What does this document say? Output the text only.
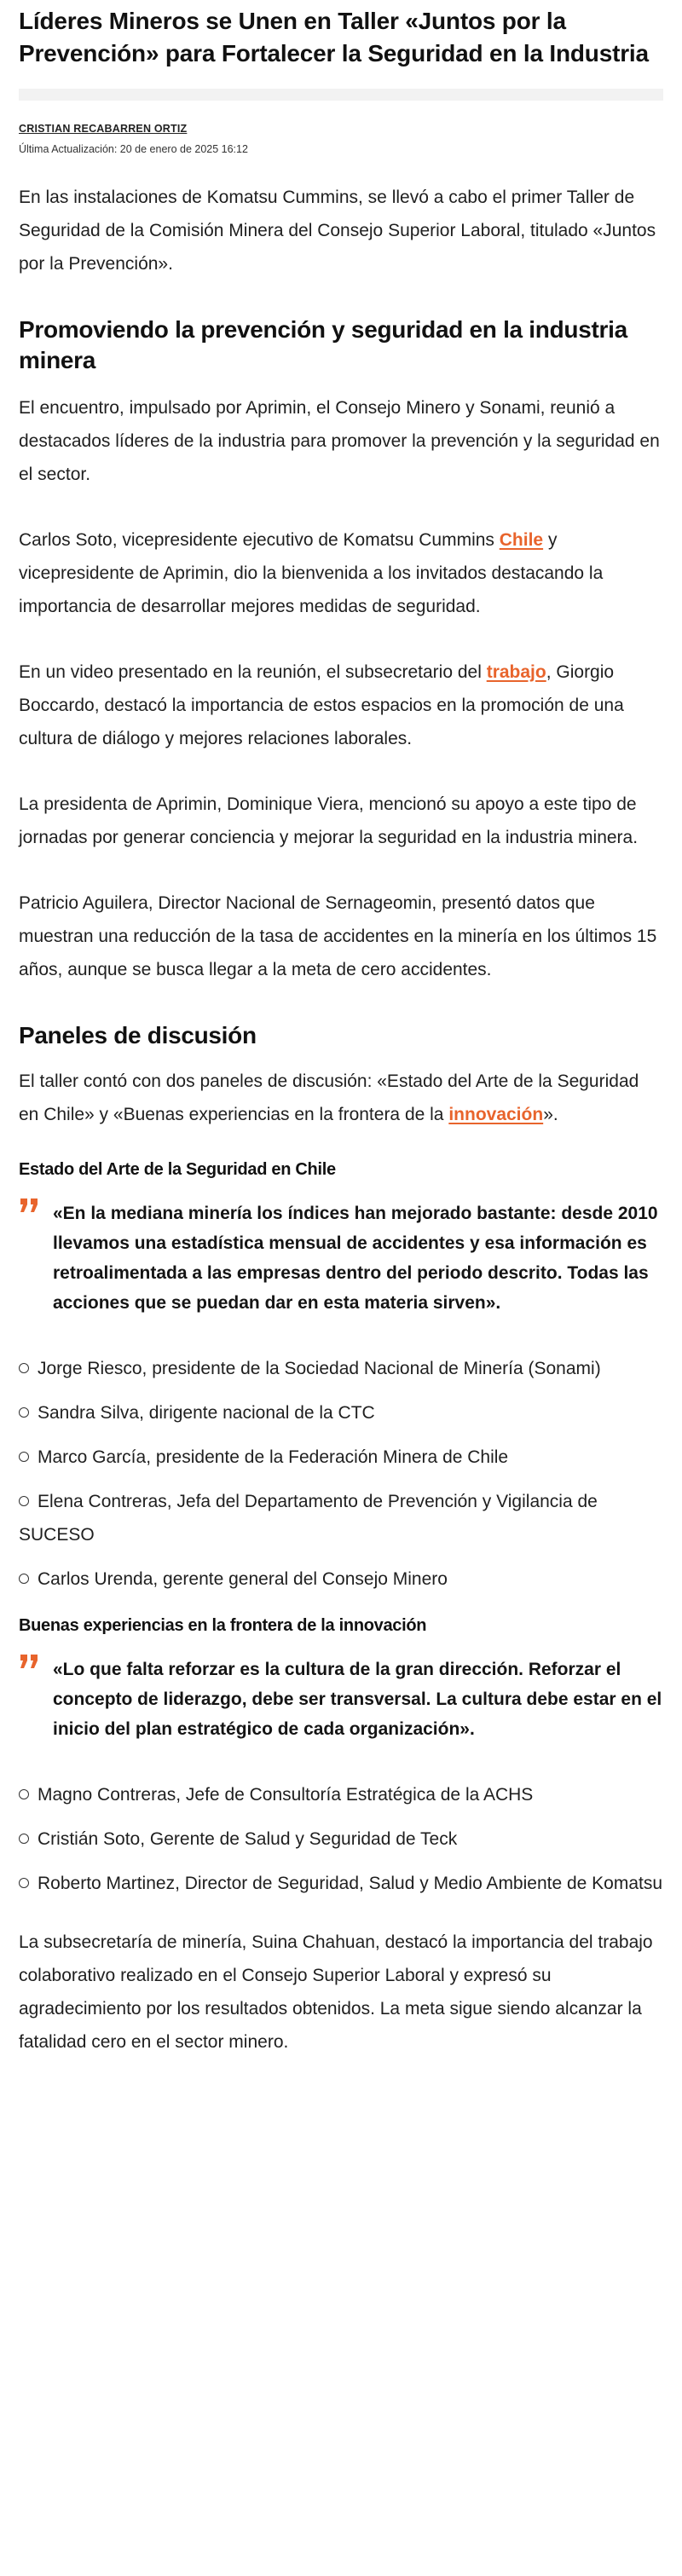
Líderes Mineros se Unen en Taller «Juntos por la Prevención» para Fortalecer la Seguridad en la Industria
CRISTIAN RECABARREN ORTIZ
Última Actualización: 20 de enero de 2025 16:12

En las instalaciones de Komatsu Cummins, se llevó a cabo el primer Taller de Seguridad de la Comisión Minera del Consejo Superior Laboral, titulado «Juntos por la Prevención».

Promoviendo la prevención y seguridad en la industria minera

El encuentro, impulsado por Aprimin, el Consejo Minero y Sonami, reunió a destacados líderes de la industria para promover la prevención y la seguridad en el sector.

Carlos Soto, vicepresidente ejecutivo de Komatsu Cummins Chile y vicepresidente de Aprimin, dio la bienvenida a los invitados destacando la importancia de desarrollar mejores medidas de seguridad.

En un video presentado en la reunión, el subsecretario del trabajo, Giorgio Boccardo, destacó la importancia de estos espacios en la promoción de una cultura de diálogo y mejores relaciones laborales.

La presidenta de Aprimin, Dominique Viera, mencionó su apoyo a este tipo de jornadas por generar conciencia y mejorar la seguridad en la industria minera.

Patricio Aguilera, Director Nacional de Sernageomin, presentó datos que muestran una reducción de la tasa de accidentes en la minería en los últimos 15 años, aunque se busca llegar a la meta de cero accidentes.

Paneles de discusión

El taller contó con dos paneles de discusión: «Estado del Arte de la Seguridad en Chile» y «Buenas experiencias en la frontera de la innovación».

Estado del Arte de la Seguridad en Chile
«En la mediana minería los índices han mejorado bastante: desde 2010 llevamos una estadística mensual de accidentes y esa información es retroalimentada a las empresas dentro del periodo descrito. Todas las acciones que se puedan dar en esta materia sirven».
Jorge Riesco, presidente de la Sociedad Nacional de Minería (Sonami)
Sandra Silva, dirigente nacional de la CTC
Marco García, presidente de la Federación Minera de Chile
Elena Contreras, Jefa del Departamento de Prevención y Vigilancia de SUCESO
Carlos Urenda, gerente general del Consejo Minero
Buenas experiencias en la frontera de la innovación
«Lo que falta reforzar es la cultura de la gran dirección. Reforzar el concepto de liderazgo, debe ser transversal. La cultura debe estar en el inicio del plan estratégico de cada organización».
Magno Contreras, Jefe de Consultoría Estratégica de la ACHS
Cristián Soto, Gerente de Salud y Seguridad de Teck
Roberto Martinez, Director de Seguridad, Salud y Medio Ambiente de Komatsu

La subsecretaría de minería, Suina Chahuan, destacó la importancia del trabajo colaborativo realizado en el Consejo Superior Laboral y expresó su agradecimiento por los resultados obtenidos. La meta sigue siendo alcanzar la fatalidad cero en el sector minero.
